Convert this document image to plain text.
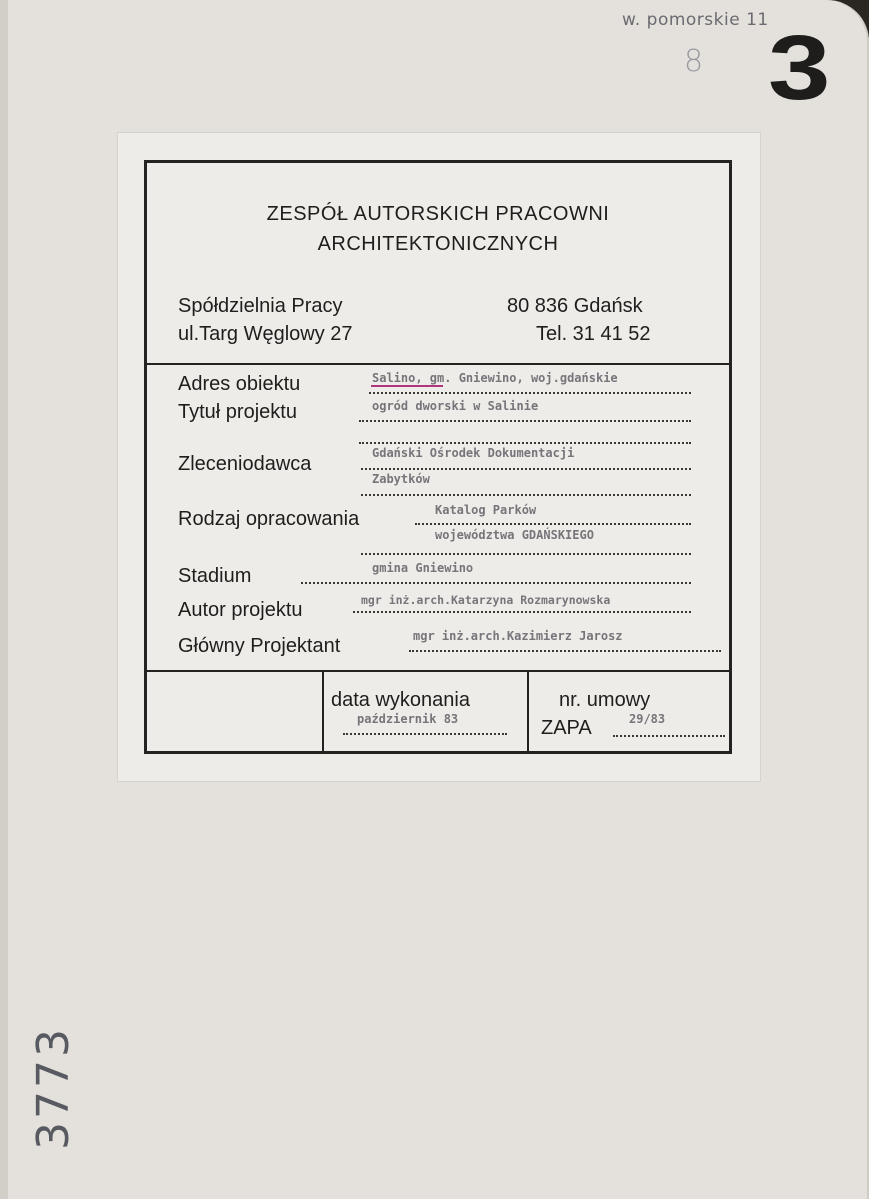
w. pomorskie 11
8 3
3773
ZESPÓŁ AUTORSKICH PRACOWNI
ARCHITEKTONICZNYCH
Spółdzielnia Pracy
ul.Targ Węglowy 27
80 836 Gdańsk
Tel. 31 41 52
Adres obiektu	Salino, gm. Gniewino, woj.gdańskie
Tytuł projektu	ogród dworski w Salinie
Zleceniodawca	Gdański Ośrodek Dokumentacji
Zabytków
Rodzaj opracowania	Katalog Parków
województwa GDAŃSKIEGO
Stadium	gmina Gniewino
Autor projektu	mgr inż.arch.Katarzyna Rozmarynowska
Główny Projektant	mgr inż.arch.Kazimierz Jarosz
data wykonania
październik 83
nr. umowy
ZAPA	29/83
